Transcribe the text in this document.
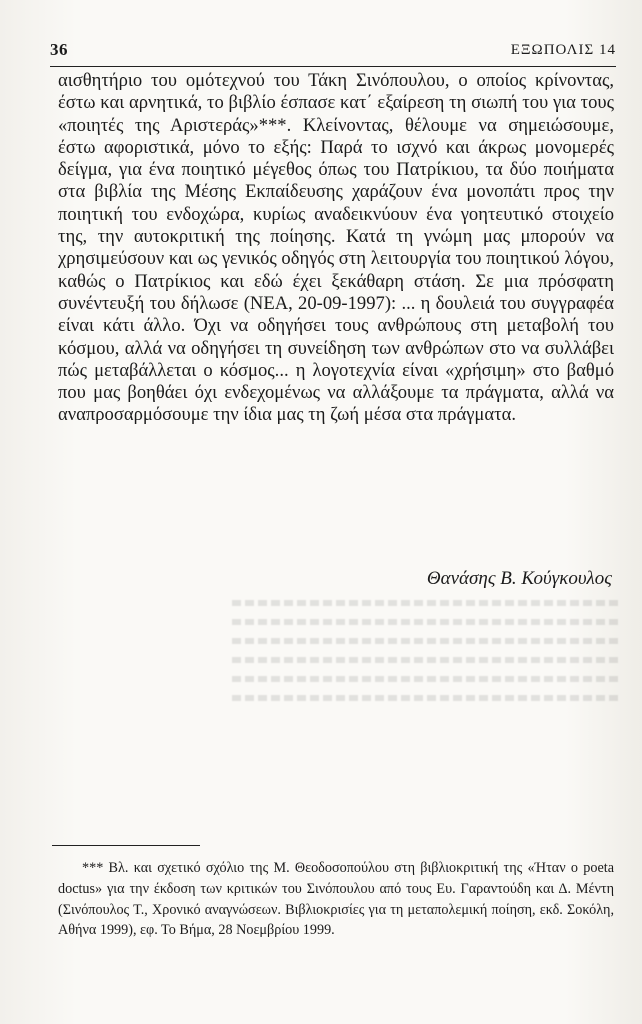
36	ΕΞΩΠΟΛΙΣ 14

αισθητήριο του ομότεχνού του Τάκη Σινόπουλου, ο οποίος κρίνοντας, έστω και αρνητικά, το βιβλίο έσπασε κατ΄ εξαίρεση τη σιωπή του για τους «ποιητές της Αριστεράς»***. Κλείνοντας, θέλουμε να σημειώσουμε, έστω αφοριστικά, μόνο το εξής: Παρά το ισχνό και άκρως μονομερές δείγμα, για ένα ποιητικό μέγεθος όπως του Πατρίκιου, τα δύο ποιήματα στα βιβλία της Μέσης Εκπαίδευσης χαράζουν ένα μονοπάτι προς την ποιητική του ενδοχώρα, κυρίως αναδεικνύουν ένα γοητευτικό στοιχείο της, την αυτοκριτική της ποίησης. Κατά τη γνώμη μας μπορούν να χρησιμεύσουν και ως γενικός οδηγός στη λειτουργία του ποιητικού λόγου, καθώς ο Πατρίκιος και εδώ έχει ξεκάθαρη στάση. Σε μια πρόσφατη συνέντευξή του δήλωσε (ΝΕΑ, 20-09-1997): ... η δουλειά του συγγραφέα είναι κάτι άλλο. Όχι να οδηγήσει τους ανθρώπους στη μεταβολή του κόσμου, αλλά να οδηγήσει τη συνείδηση των ανθρώπων στο να συλλάβει πώς μεταβάλλεται ο κόσμος... η λογοτεχνία είναι «χρήσιμη» στο βαθμό που μας βοηθάει όχι ενδεχομένως να αλλάξουμε τα πράγματα, αλλά να αναπροσαρμόσουμε την ίδια μας τη ζωή μέσα στα πράγματα.

Θανάσης Β. Κούγκουλος

*** Βλ. και σχετικό σχόλιο της Μ. Θεοδοσοπούλου στη βιβλιοκριτική της «Ήταν ο poeta doctus» για την έκδοση των κριτικών του Σινόπουλου από τους Ευ. Γαραντούδη και Δ. Μέντη (Σινόπουλος Τ., Χρονικό αναγνώσεων. Βιβλιοκρισίες για τη μεταπολεμική ποίηση, εκδ. Σοκόλη, Αθήνα 1999), εφ. Το Βήμα, 28 Νοεμβρίου 1999.
